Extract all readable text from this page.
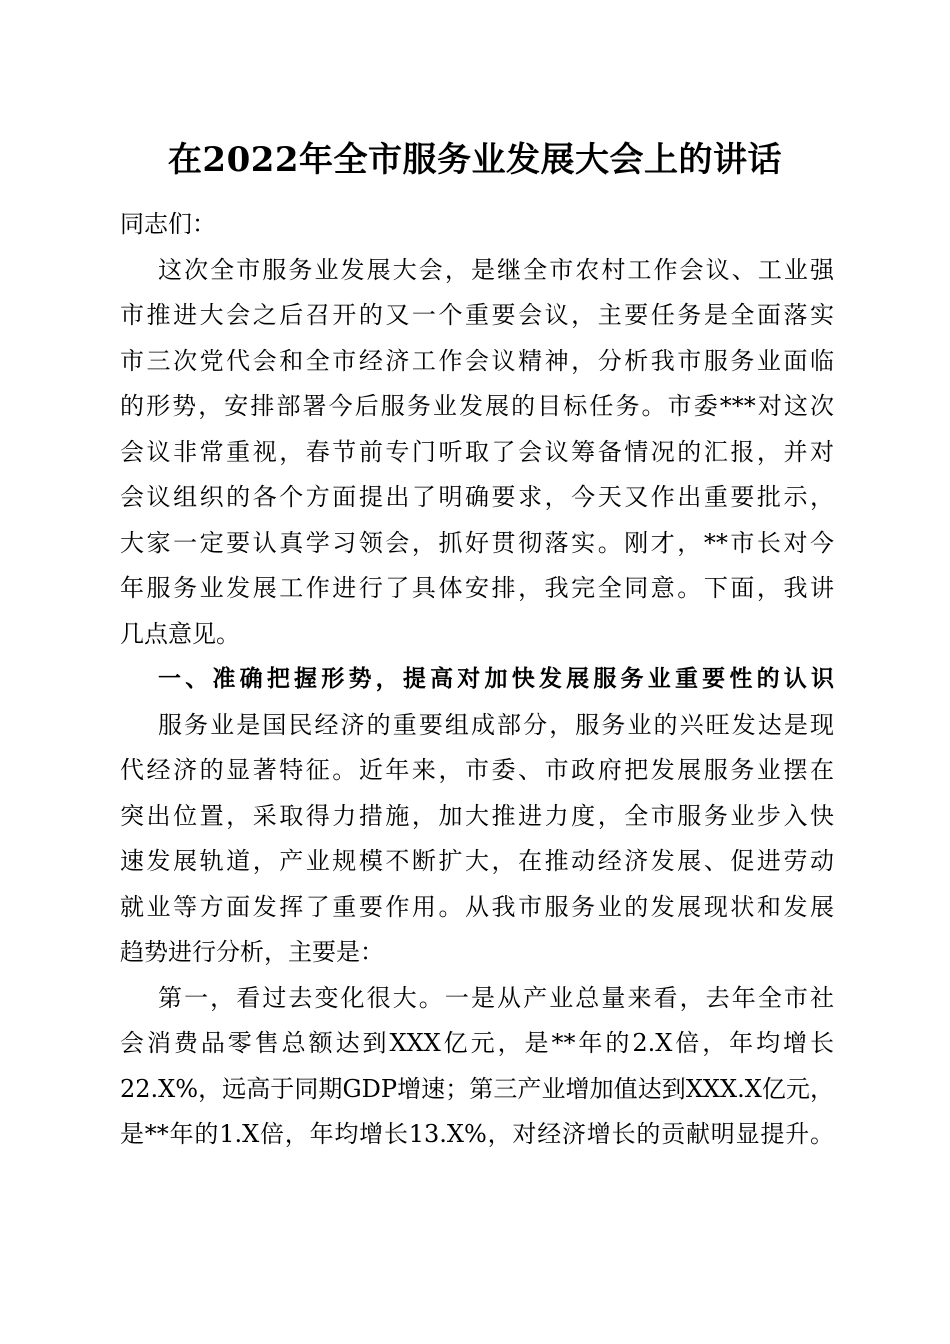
在2022年全市服务业发展大会上的讲话
同志们：
这次全市服务业发展大会，是继全市农村工作会议、工业强
市推进大会之后召开的又一个重要会议，主要任务是全面落实
市三次党代会和全市经济工作会议精神，分析我市服务业面临
的形势，安排部署今后服务业发展的目标任务。市委***对这次
会议非常重视，春节前专门听取了会议筹备情况的汇报，并对
会议组织的各个方面提出了明确要求，今天又作出重要批示，
大家一定要认真学习领会，抓好贯彻落实。刚才，**市长对今
年服务业发展工作进行了具体安排，我完全同意。下面，我讲
几点意见。
一、准确把握形势，提高对加快发展服务业重要性的认识
服务业是国民经济的重要组成部分，服务业的兴旺发达是现
代经济的显著特征。近年来，市委、市政府把发展服务业摆在
突出位置，采取得力措施，加大推进力度，全市服务业步入快
速发展轨道，产业规模不断扩大，在推动经济发展、促进劳动
就业等方面发挥了重要作用。从我市服务业的发展现状和发展
趋势进行分析，主要是：
第一，看过去变化很大。一是从产业总量来看，去年全市社
会消费品零售总额达到XXX亿元，是**年的2.X倍，年均增长
22.X%，远高于同期GDP增速；第三产业增加值达到XXX.X亿元，
是**年的1.X倍，年均增长13.X%，对经济增长的贡献明显提升。
